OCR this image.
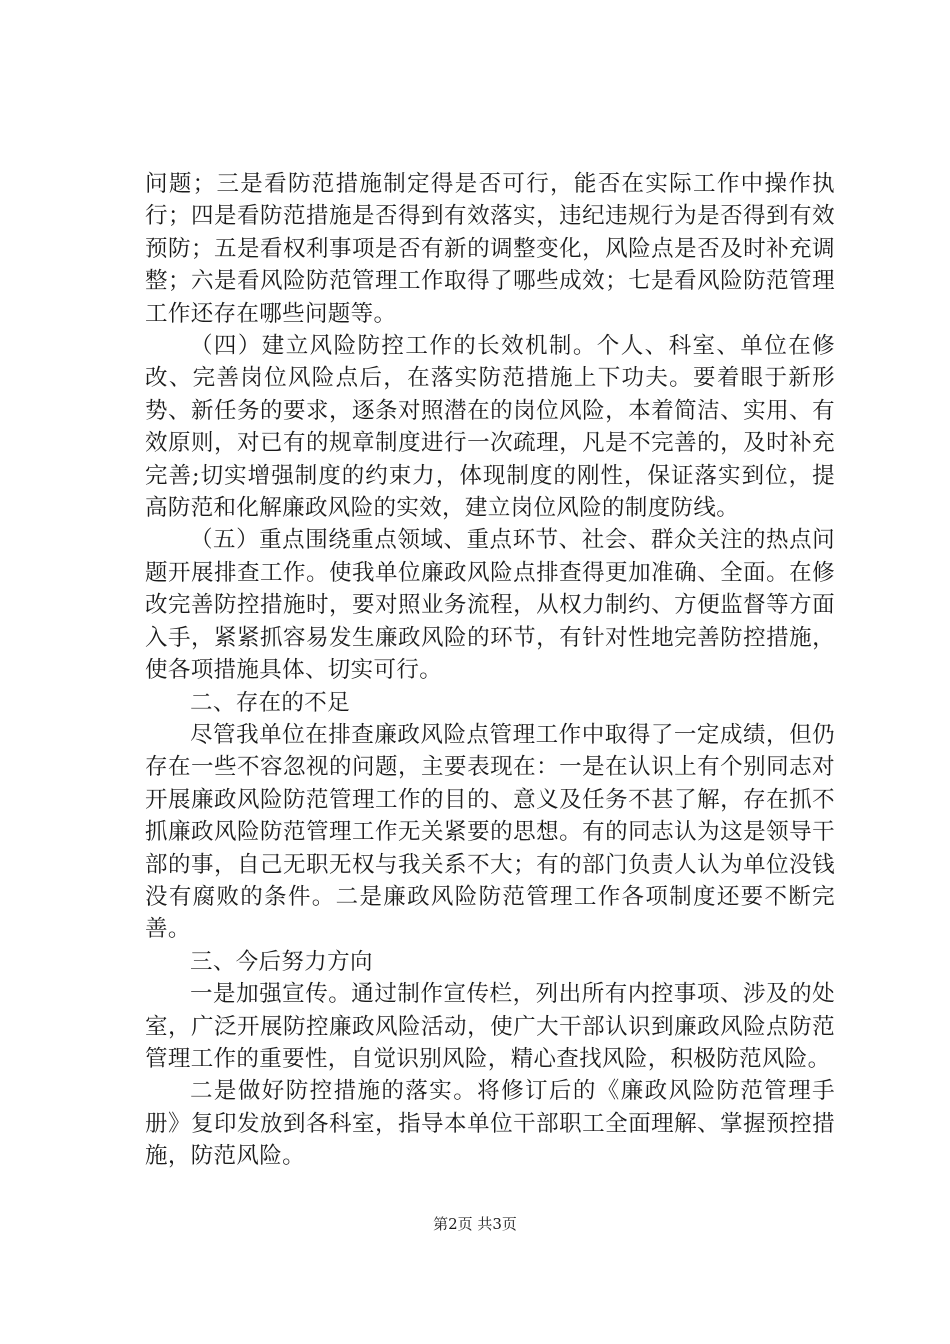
问题；三是看防范措施制定得是否可行，能否在实际工作中操作执行；四是看防范措施是否得到有效落实，违纪违规行为是否得到有效预防；五是看权利事项是否有新的调整变化，风险点是否及时补充调整；六是看风险防范管理工作取得了哪些成效；七是看风险防范管理工作还存在哪些问题等。

（四）建立风险防控工作的长效机制。个人、科室、单位在修改、完善岗位风险点后，在落实防范措施上下功夫。要着眼于新形势、新任务的要求，逐条对照潜在的岗位风险，本着简洁、实用、有效原则，对已有的规章制度进行一次疏理，凡是不完善的，及时补充完善;切实增强制度的约束力，体现制度的刚性，保证落实到位，提高防范和化解廉政风险的实效，建立岗位风险的制度防线。

（五）重点围绕重点领域、重点环节、社会、群众关注的热点问题开展排查工作。使我单位廉政风险点排查得更加准确、全面。在修改完善防控措施时，要对照业务流程，从权力制约、方便监督等方面入手，紧紧抓容易发生廉政风险的环节，有针对性地完善防控措施，使各项措施具体、切实可行。

二、存在的不足

尽管我单位在排查廉政风险点管理工作中取得了一定成绩，但仍存在一些不容忽视的问题，主要表现在：一是在认识上有个别同志对开展廉政风险防范管理工作的目的、意义及任务不甚了解，存在抓不抓廉政风险防范管理工作无关紧要的思想。有的同志认为这是领导干部的事，自己无职无权与我关系不大；有的部门负责人认为单位没钱没有腐败的条件。二是廉政风险防范管理工作各项制度还要不断完善。

三、今后努力方向

一是加强宣传。通过制作宣传栏，列出所有内控事项、涉及的处室，广泛开展防控廉政风险活动，使广大干部认识到廉政风险点防范管理工作的重要性，自觉识别风险，精心查找风险，积极防范风险。

二是做好防控措施的落实。将修订后的《廉政风险防范管理手册》复印发放到各科室，指导本单位干部职工全面理解、掌握预控措施，防范风险。

第2页 共3页
